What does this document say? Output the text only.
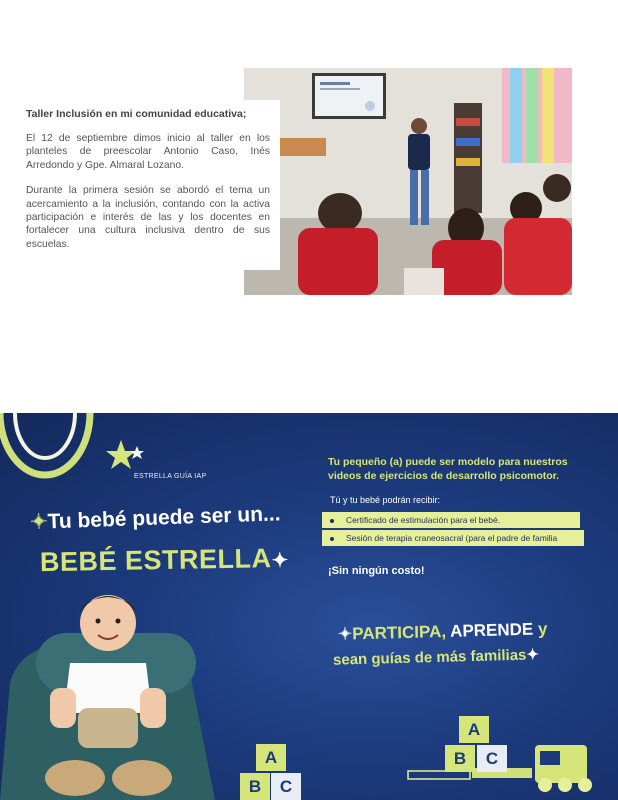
Taller Inclusión en mi comunidad educativa;

El 12 de septiembre dimos inicio al taller en los planteles de preescolar Antonio Caso, Inés Arredondo y Gpe. Almaral Lozano.

Durante la primera sesión se abordó el tema un acercamiento a la inclusión, contando con la activa participación e interés de las y los docentes en fortalecer una cultura inclusiva dentro de sus escuelas.

ESTRELLA GUÍA IAP
✦Tu bebé puede ser un...
BEBÉ ESTRELLA✦
Tu pequeño (a) puede ser modelo para nuestros videos de ejercicios de desarrollo psicomotor.
Tú y tu bebé podrán recibir:
Certificado de estimulación para el bebé.
Sesión de terapia craneosacral (para el padre de familia
¡Sin ningún costo!
✦PARTICIPA, APRENDE y
sean guías de más familias✦
A
B	C
A
B	C
